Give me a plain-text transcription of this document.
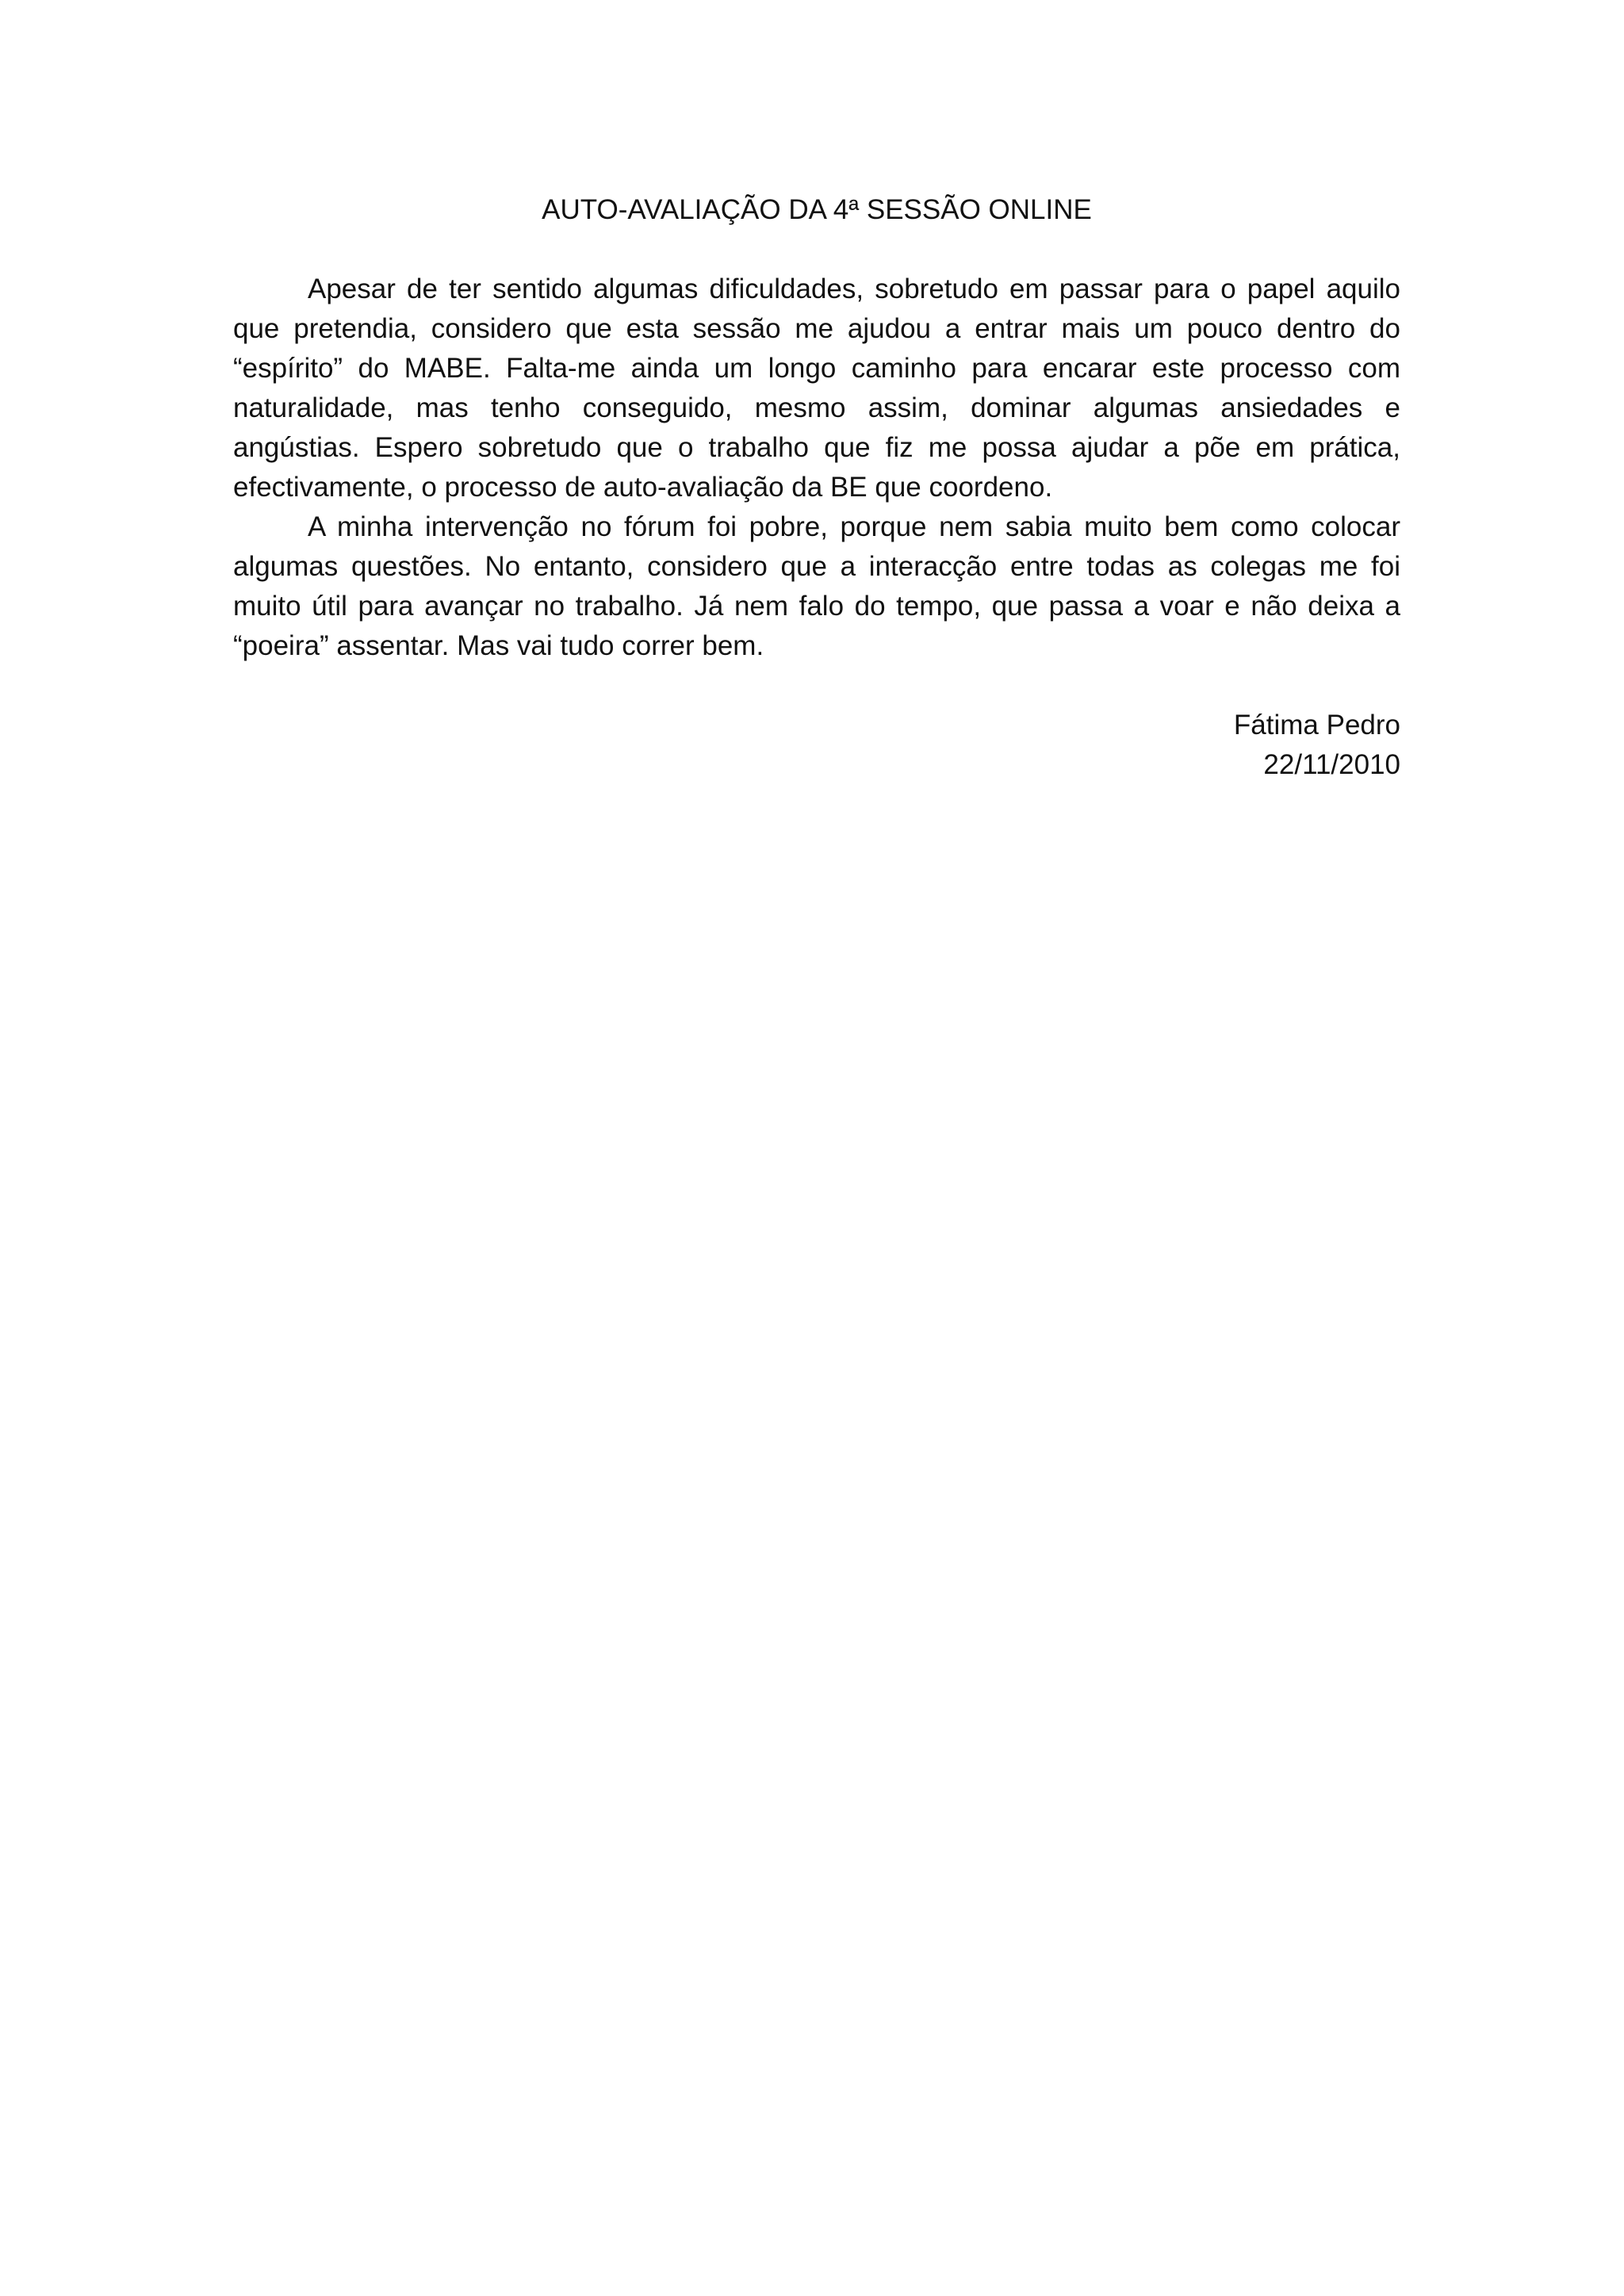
AUTO-AVALIAÇÃO DA 4ª SESSÃO ONLINE

Apesar de ter sentido algumas dificuldades, sobretudo em passar para o papel aquilo que pretendia, considero que esta sessão me ajudou a entrar mais um pouco dentro do “espírito” do MABE. Falta-me ainda um longo caminho para encarar este processo com naturalidade, mas tenho conseguido, mesmo assim, dominar algumas ansiedades e angústias. Espero sobretudo que o trabalho que fiz me possa ajudar a põe em prática, efectivamente, o processo de auto-avaliação da BE que coordeno.

A minha intervenção no fórum foi pobre, porque nem sabia muito bem como colocar algumas questões. No entanto, considero que a interacção entre todas as colegas me foi muito útil para avançar no trabalho. Já nem falo do tempo, que passa a voar e não deixa a “poeira” assentar. Mas vai tudo correr bem.

Fátima Pedro
22/11/2010
